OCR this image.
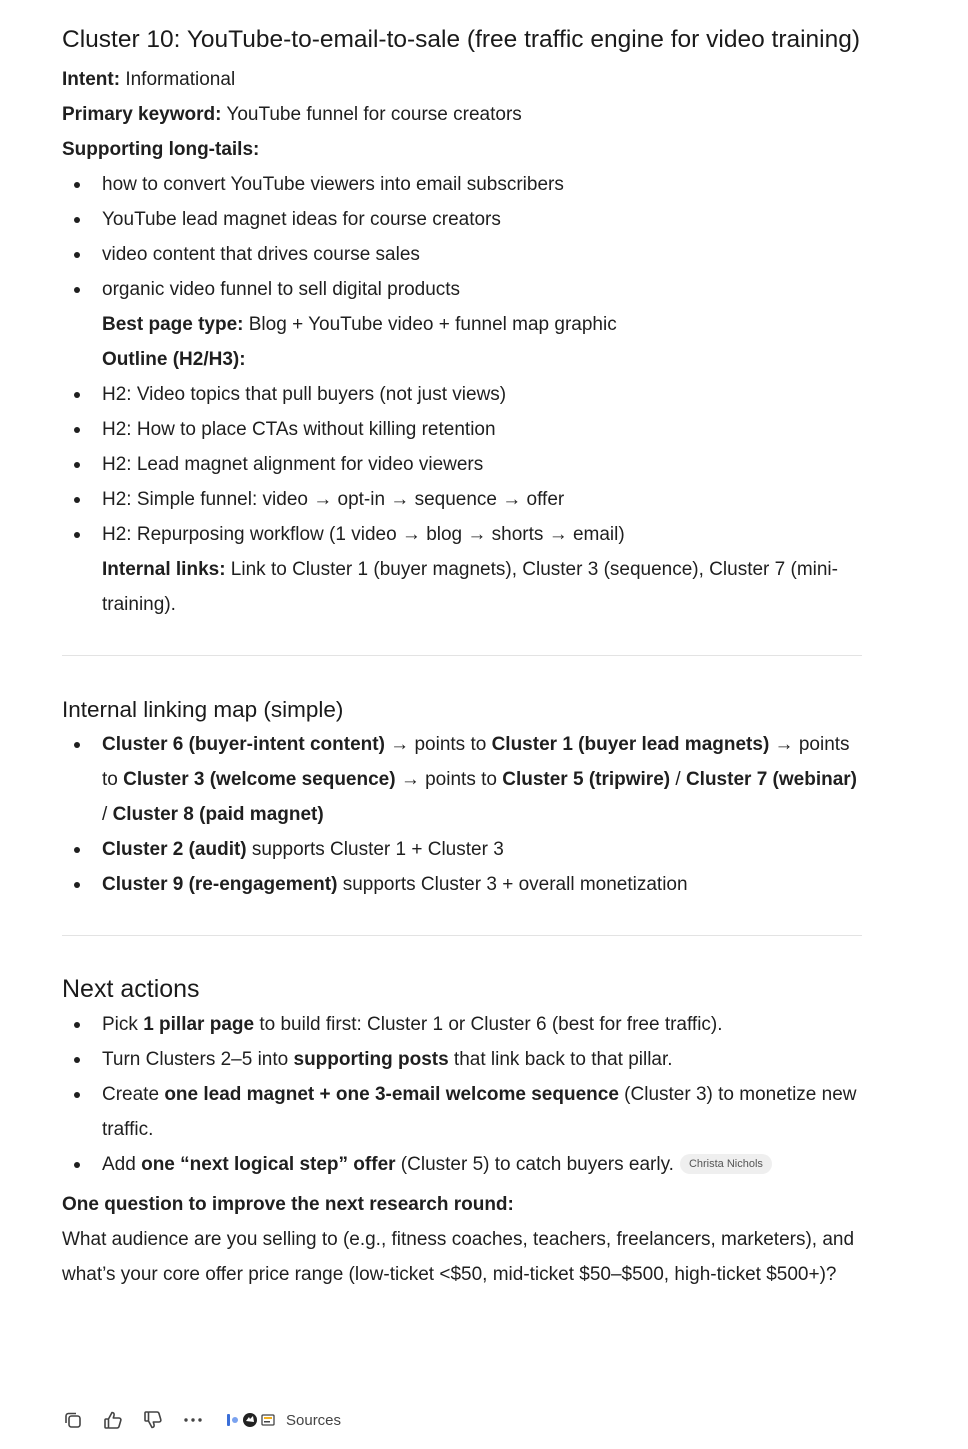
Cluster 10: YouTube-to-email-to-sale (free traffic engine for video training)

Intent: Informational

Primary keyword: YouTube funnel for course creators

Supporting long-tails:

how to convert YouTube viewers into email subscribers
YouTube lead magnet ideas for course creators
video content that drives course sales
organic video funnel to sell digital products

Best page type: Blog + YouTube video + funnel map graphic

Outline (H2/H3):

H2: Video topics that pull buyers (not just views)
H2: How to place CTAs without killing retention
H2: Lead magnet alignment for video viewers
H2: Simple funnel: video → opt-in → sequence → offer
H2: Repurposing workflow (1 video → blog → shorts → email)

Internal links: Link to Cluster 1 (buyer magnets), Cluster 3 (sequence), Cluster 7 (mini-training).

Internal linking map (simple)
Cluster 6 (buyer-intent content) → points to Cluster 1 (buyer lead magnets) → points to Cluster 3 (welcome sequence) → points to Cluster 5 (tripwire) / Cluster 7 (webinar) / Cluster 8 (paid magnet)
Cluster 2 (audit) supports Cluster 1 + Cluster 3
Cluster 9 (re-engagement) supports Cluster 3 + overall monetization
Next actions
Pick 1 pillar page to build first: Cluster 1 or Cluster 6 (best for free traffic).
Turn Clusters 2–5 into supporting posts that link back to that pillar.
Create one lead magnet + one 3-email welcome sequence (Cluster 3) to monetize new traffic.
Add one “next logical step” offer (Cluster 5) to catch buyers early. Christa Nichols

One question to improve the next research round:

What audience are you selling to (e.g., fitness coaches, teachers, freelancers, marketers), and what’s your core offer price range (low-ticket <$50, mid-ticket $50–$500, high-ticket $500+)?

Sources
